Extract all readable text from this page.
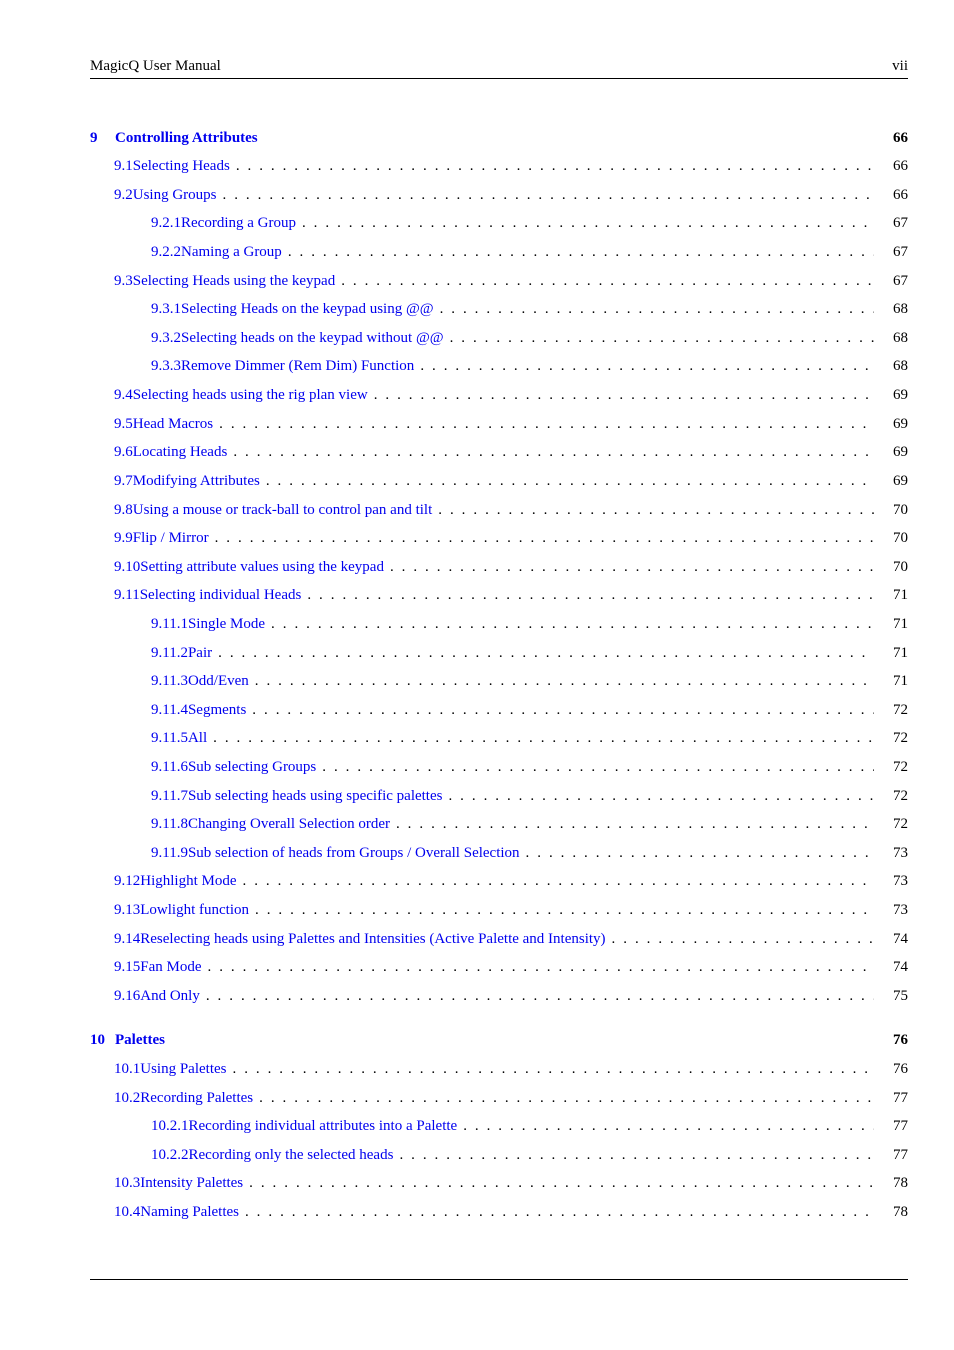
MagicQ User Manual	vii
9	Controlling Attributes	66
9.1 Selecting Heads . . .	66
9.2 Using Groups . . .	66
9.2.1 Recording a Group . . .	67
9.2.2 Naming a Group . . .	67
9.3 Selecting Heads using the keypad . . .	67
9.3.1 Selecting Heads on the keypad using @@ . . .	68
9.3.2 Selecting heads on the keypad without @@ . . .	68
9.3.3 Remove Dimmer (Rem Dim) Function . . .	68
9.4 Selecting heads using the rig plan view . . .	69
9.5 Head Macros . . .	69
9.6 Locating Heads . . .	69
9.7 Modifying Attributes . . .	69
9.8 Using a mouse or track-ball to control pan and tilt . . .	70
9.9 Flip / Mirror . . .	70
9.10 Setting attribute values using the keypad . . .	70
9.11 Selecting individual Heads . . .	71
9.11.1 Single Mode . . .	71
9.11.2 Pair . . .	71
9.11.3 Odd/Even . . .	71
9.11.4 Segments . . .	72
9.11.5 All . . .	72
9.11.6 Sub selecting Groups . . .	72
9.11.7 Sub selecting heads using specific palettes . . .	72
9.11.8 Changing Overall Selection order . . .	72
9.11.9 Sub selection of heads from Groups / Overall Selection . . .	73
9.12 Highlight Mode . . .	73
9.13 Lowlight function . . .	73
9.14 Reselecting heads using Palettes and Intensities (Active Palette and Intensity) . . .	74
9.15 Fan Mode . . .	74
9.16 And Only . . .	75
10 Palettes	76
10.1 Using Palettes . . .	76
10.2 Recording Palettes . . .	77
10.2.1 Recording individual attributes into a Palette . . .	77
10.2.2 Recording only the selected heads . . .	77
10.3 Intensity Palettes . . .	78
10.4 Naming Palettes . . .	78
